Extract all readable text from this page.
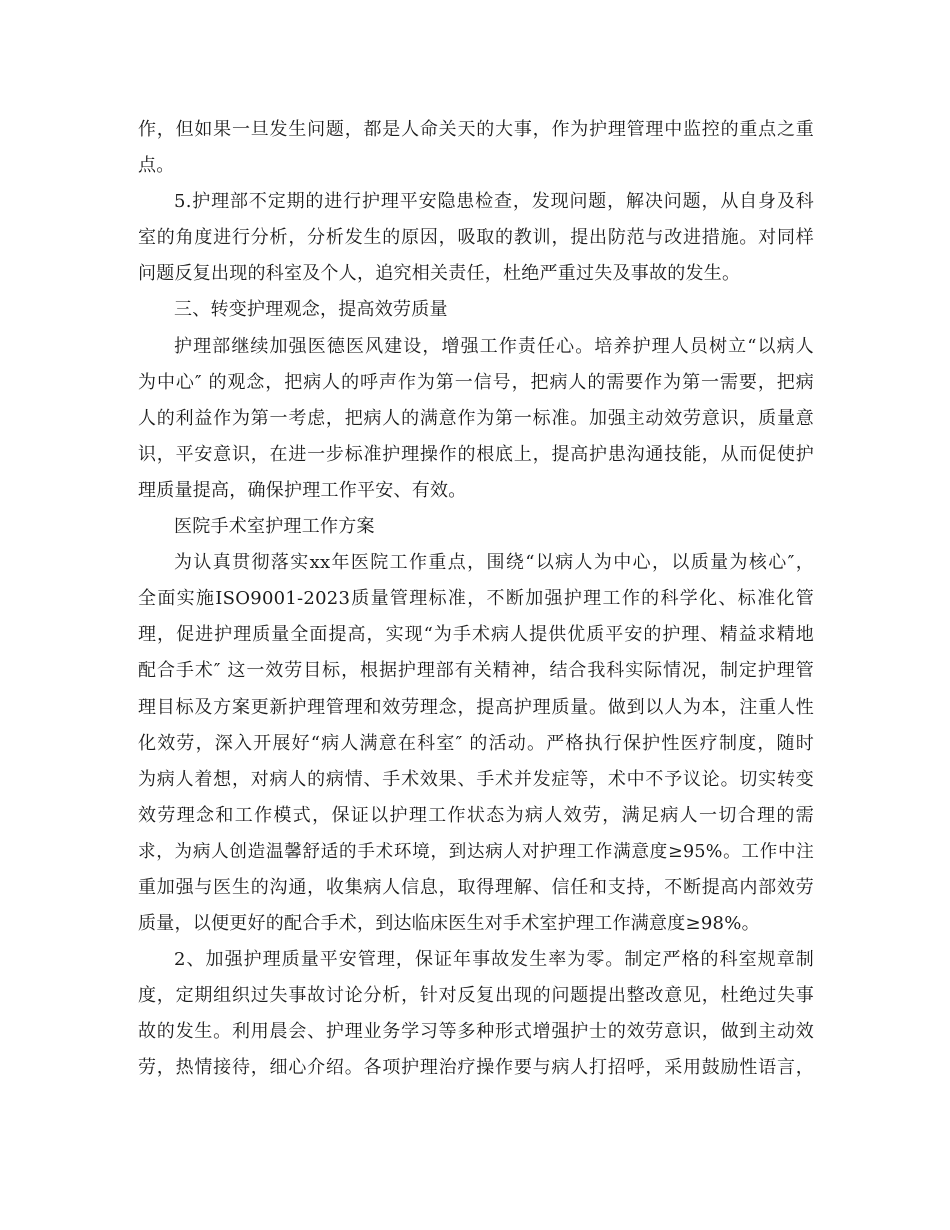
作，但如果一旦发生问题，都是人命关天的大事，作为护理管理中监控的重点之重
点。
5.护理部不定期的进行护理平安隐患检查，发现问题，解决问题，从自身及科
室的角度进行分析，分析发生的原因，吸取的教训，提出防范与改进措施。对同样
问题反复出现的科室及个人，追究相关责任，杜绝严重过失及事故的发生。
三、转变护理观念，提高效劳质量
护理部继续加强医德医风建设，增强工作责任心。培养护理人员树立“以病人
为中心″ 的观念，把病人的呼声作为第一信号，把病人的需要作为第一需要，把病
人的利益作为第一考虑，把病人的满意作为第一标准。加强主动效劳意识，质量意
识，平安意识，在进一步标准护理操作的根底上，提高护患沟通技能，从而促使护
理质量提高，确保护理工作平安、有效。
医院手术室护理工作方案
为认真贯彻落实xx年医院工作重点，围绕“以病人为中心，以质量为核心″，
全面实施ISO9001-2023质量管理标准，不断加强护理工作的科学化、标准化管
理，促进护理质量全面提高，实现“为手术病人提供优质平安的护理、精益求精地
配合手术″ 这一效劳目标，根据护理部有关精神，结合我科实际情况，制定护理管
理目标及方案更新护理管理和效劳理念，提高护理质量。做到以人为本，注重人性
化效劳，深入开展好“病人满意在科室″ 的活动。严格执行保护性医疗制度，随时
为病人着想，对病人的病情、手术效果、手术并发症等，术中不予议论。切实转变
效劳理念和工作模式，保证以护理工作状态为病人效劳，满足病人一切合理的需
求，为病人创造温馨舒适的手术环境，到达病人对护理工作满意度≥95%。工作中注
重加强与医生的沟通，收集病人信息，取得理解、信任和支持，不断提高内部效劳
质量，以便更好的配合手术，到达临床医生对手术室护理工作满意度≥98%。
2、加强护理质量平安管理，保证年事故发生率为零。制定严格的科室规章制
度，定期组织过失事故讨论分析，针对反复出现的问题提出整改意见，杜绝过失事
故的发生。利用晨会、护理业务学习等多种形式增强护士的效劳意识，做到主动效
劳，热情接待，细心介绍。各项护理治疗操作要与病人打招呼，采用鼓励性语言，
